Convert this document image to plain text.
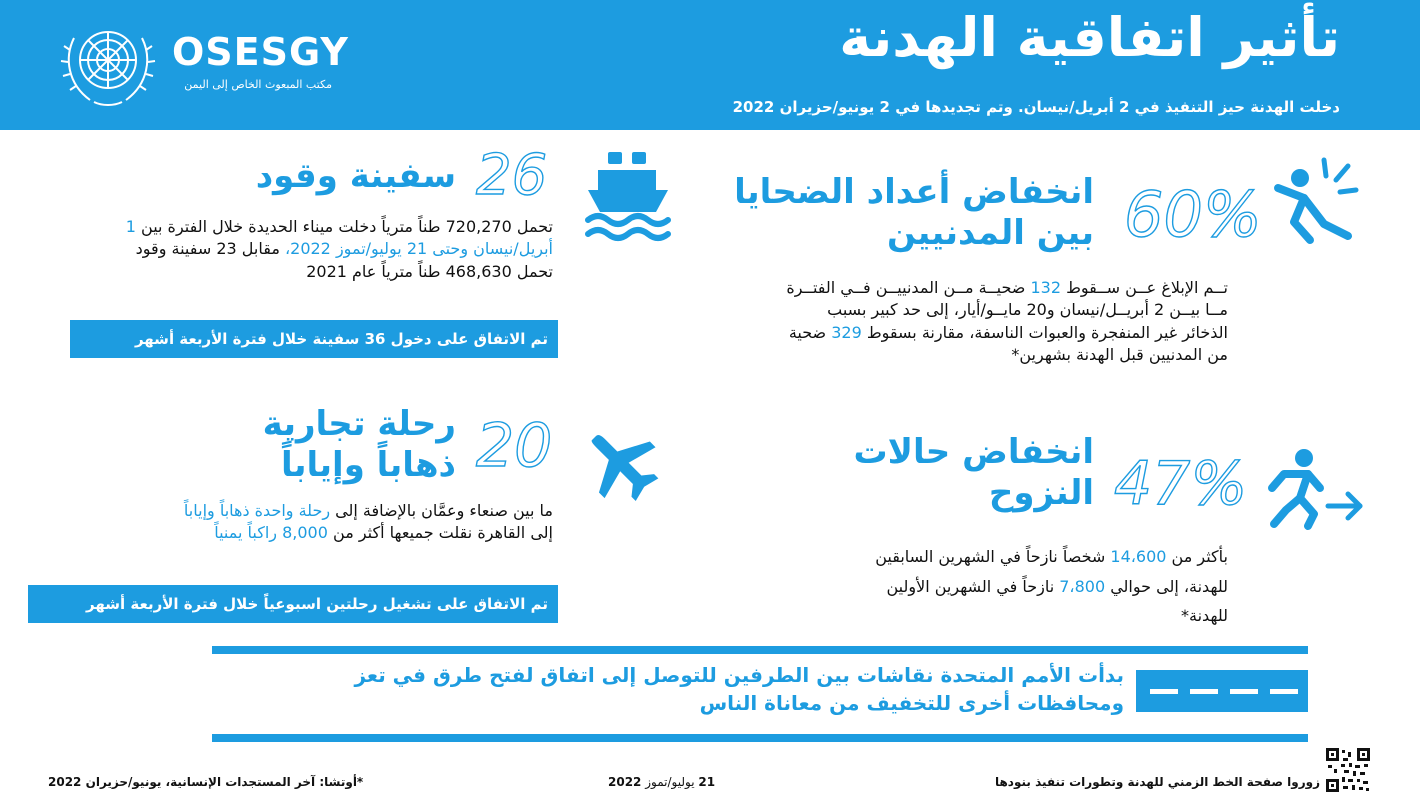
OSESGY
مكتب المبعوث الخاص إلى اليمن
تأثير اتفاقية الهدنة
دخلت الهدنة حيز التنفيذ في 2 أبريل/نيسان. وتم تجديدها في 2 يونيو/حزيران 2022
سفينة وقود 26
تحمل 720,270 طناً مترياً دخلت ميناء الحديدة خلال الفترة بين 1 أبريل/نيسان وحتى 21 يوليو/تموز 2022، مقابل 23 سفينة وقود تحمل 468,630 طناً مترياً عام 2021
تم الاتفاق على دخول 36 سفينة خلال فترة الأربعة أشهر
انخفاض أعداد الضحايا
بين المدنيين 60%
تــم الإبلاغ عــن ســقوط 132 ضحيــة مــن المدنييــن فــي الفتــرة مــا بيــن 2 أبريــل/نيسان و20 مايــو/أيار، إلى حد كبير بسبب الذخائر غير المنفجرة والعبوات الناسفة، مقارنة بسقوط 329 ضحية من المدنيين قبل الهدنة بشهرين*
رحلة تجارية
ذهاباً وإياباً 20
ما بين صنعاء وعمَّان بالإضافة إلى رحلة واحدة ذهاباً وإياباً إلى القاهرة نقلت جميعها أكثر من 8,000 راكباً يمنياً
تم الاتفاق على تشغيل رحلتين اسبوعياً خلال فترة الأربعة أشهر
انخفاض حالات
النزوح 47%
بأكثر من 14،600 شخصاً نازحاً في الشهرين السابقين للهدنة، إلى حوالي 7،800 نازحاً في الشهرين الأولين للهدنة*
بدأت الأمم المتحدة نقاشات بين الطرفين للتوصل إلى اتفاق لفتح طرق في تعز
ومحافظات أخرى للتخفيف من معاناة الناس
زوروا صفحة الخط الزمني للهدنة وتطورات تنفيذ بنودها
21 يوليو/تموز 2022
*أوتشا: آخر المستجدات الإنسانية، يونيو/حزيران 2022
